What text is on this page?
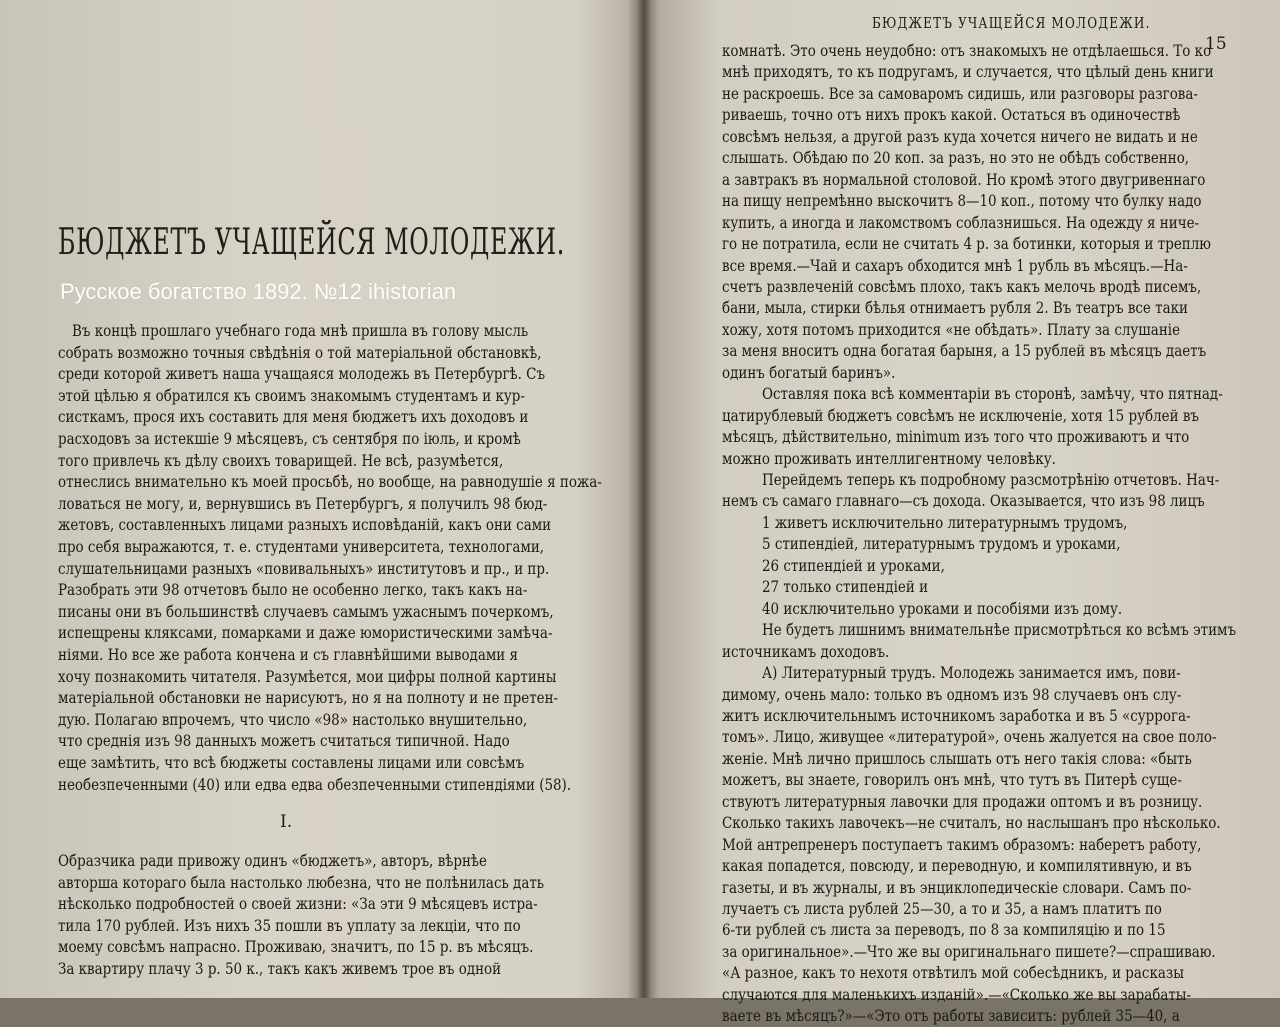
БЮДЖЕТЪ УЧАЩЕЙСЯ МОЛОДЕЖИ.
Русское богатство 1892. №12 ihistorian
Въ концѣ прошлаго учебнаго года мнѣ пришла въ голову мысль
собрать возможно точныя свѣдѣнія о той матеріальной обстановкѣ,
среди которой живетъ наша учащаяся молодежь въ Петербургѣ. Съ
этой цѣлью я обратился къ своимъ знакомымъ студентамъ и кур-
систкамъ, прося ихъ составить для меня бюджетъ ихъ доходовъ и
расходовъ за истекшіе 9 мѣсяцевъ, съ сентября по іюль, и кромѣ
того привлечь къ дѣлу своихъ товарищей. Не всѣ, разумѣется,
отнеслись внимательно къ моей просьбѣ, но вообще, на равнодушіе я пожа-
ловаться не могу, и, вернувшись въ Петербургъ, я получилъ 98 бюд-
жетовъ, составленныхъ лицами разныхъ исповѣданій, какъ они сами
про себя выражаются, т. е. студентами университета, технологами,
слушательницами разныхъ «повивальныхъ» институтовъ и пр., и пр.
Разобрать эти 98 отчетовъ было не особенно легко, такъ какъ на-
писаны они въ большинствѣ случаевъ самымъ ужаснымъ почеркомъ,
испещрены кляксами, помарками и даже юмористическими замѣча-
ніями. Но все же работа кончена и съ главнѣйшими выводами я
хочу познакомить читателя. Разумѣется, мои цифры полной картины
матеріальной обстановки не нарисуютъ, но я на полноту и не претен-
дую. Полагаю впрочемъ, что число «98» настолько внушительно,
что среднія изъ 98 данныхъ можетъ считаться типичной. Надо
еще замѣтить, что всѣ бюджеты составлены лицами или совсѣмъ
необезпеченными (40) или едва едва обезпеченными стипендіями (58).
I.
Образчика ради привожу одинъ «бюджетъ», авторъ, вѣрнѣе
авторша котораго была настолько любезна, что не полѣнилась дать
нѣсколько подробностей о своей жизни: «За эти 9 мѣсяцевъ истра-
тила 170 рублей. Изъ нихъ 35 пошли въ уплату за лекціи, что по
моему совсѣмъ напрасно. Проживаю, значитъ, по 15 р. въ мѣсяцъ.
За квартиру плачу 3 р. 50 к., такъ какъ живемъ трое въ одной
БЮДЖЕТЪ УЧАЩЕЙСЯ МОЛОДЕЖИ.
15
комнатѣ. Это очень неудобно: отъ знакомыхъ не отдѣлаешься. То ко
мнѣ приходятъ, то къ подругамъ, и случается, что цѣлый день книги
не раскроешь. Все за самоваромъ сидишь, или разговоры разгова-
риваешь, точно отъ нихъ прокъ какой. Остаться въ одиночествѣ
совсѣмъ нельзя, а другой разъ куда хочется ничего не видать и не
слышать. Обѣдаю по 20 коп. за разъ, но это не обѣдъ собственно,
а завтракъ въ нормальной столовой. Но кромѣ этого двугривеннаго
на пищу непремѣнно выскочитъ 8—10 коп., потому что булку надо
купить, а иногда и лакомствомъ соблазнишься. На одежду я ниче-
го не потратила, если не считать 4 р. за ботинки, которыя и треплю
все время.—Чай и сахаръ обходится мнѣ 1 рубль въ мѣсяцъ.—На-
счетъ развлеченій совсѣмъ плохо, такъ какъ мелочь вродѣ писемъ,
бани, мыла, стирки бѣлья отнимаетъ рубля 2. Въ театръ все таки
хожу, хотя потомъ приходится «не обѣдать». Плату за слушаніе
за меня вноситъ одна богатая барыня, а 15 рублей въ мѣсяцъ даетъ
одинъ богатый баринъ».
Оставляя пока всѣ комментаріи въ сторонѣ, замѣчу, что пятнад-
цатирублевый бюджетъ совсѣмъ не исключеніе, хотя 15 рублей въ
мѣсяцъ, дѣйствительно, minimum изъ того что проживаютъ и что
можно проживать интеллигентному человѣку.
Перейдемъ теперь къ подробному разсмотрѣнію отчетовъ. Нач-
немъ съ самаго главнаго—съ дохода. Оказывается, что изъ 98 лицъ
1 живетъ исключительно литературнымъ трудомъ,
5 стипендіей, литературнымъ трудомъ и уроками,
26 стипендіей и уроками,
27 только стипендіей и
40 исключительно уроками и пособіями изъ дому.
Не будетъ лишнимъ внимательнѣе присмотрѣться ко всѣмъ этимъ
источникамъ доходовъ.
А) Литературный трудъ. Молодежь занимается имъ, пови-
димому, очень мало: только въ одномъ изъ 98 случаевъ онъ слу-
житъ исключительнымъ источникомъ заработка и въ 5 «суррога-
томъ». Лицо, живущее «литературой», очень жалуется на свое поло-
женіе. Мнѣ лично пришлось слышать отъ него такія слова: «быть
можетъ, вы знаете, говорилъ онъ мнѣ, что тутъ въ Питерѣ суще-
ствуютъ литературныя лавочки для продажи оптомъ и въ розницу.
Сколько такихъ лавочекъ—не считалъ, но наслышанъ про нѣсколько.
Мой антрепренеръ поступаетъ такимъ образомъ: наберетъ работу,
какая попадется, повсюду, и переводную, и компилятивную, и въ
газеты, и въ журналы, и въ энциклопедическіе словари. Самъ по-
лучаетъ съ листа рублей 25—30, а то и 35, а намъ платитъ по
6-ти рублей съ листа за переводъ, по 8 за компиляцію и по 15
за оригинальное».—Что же вы оригинальнаго пишете?—спрашиваю.
«А разное, какъ то нехотя отвѣтилъ мой собесѣдникъ, и расказы
случаются для маленькихъ изданій».—«Сколько же вы зарабаты-
ваете въ мѣсяцъ?»—«Это отъ работы зависитъ: рублей 35—40, а
